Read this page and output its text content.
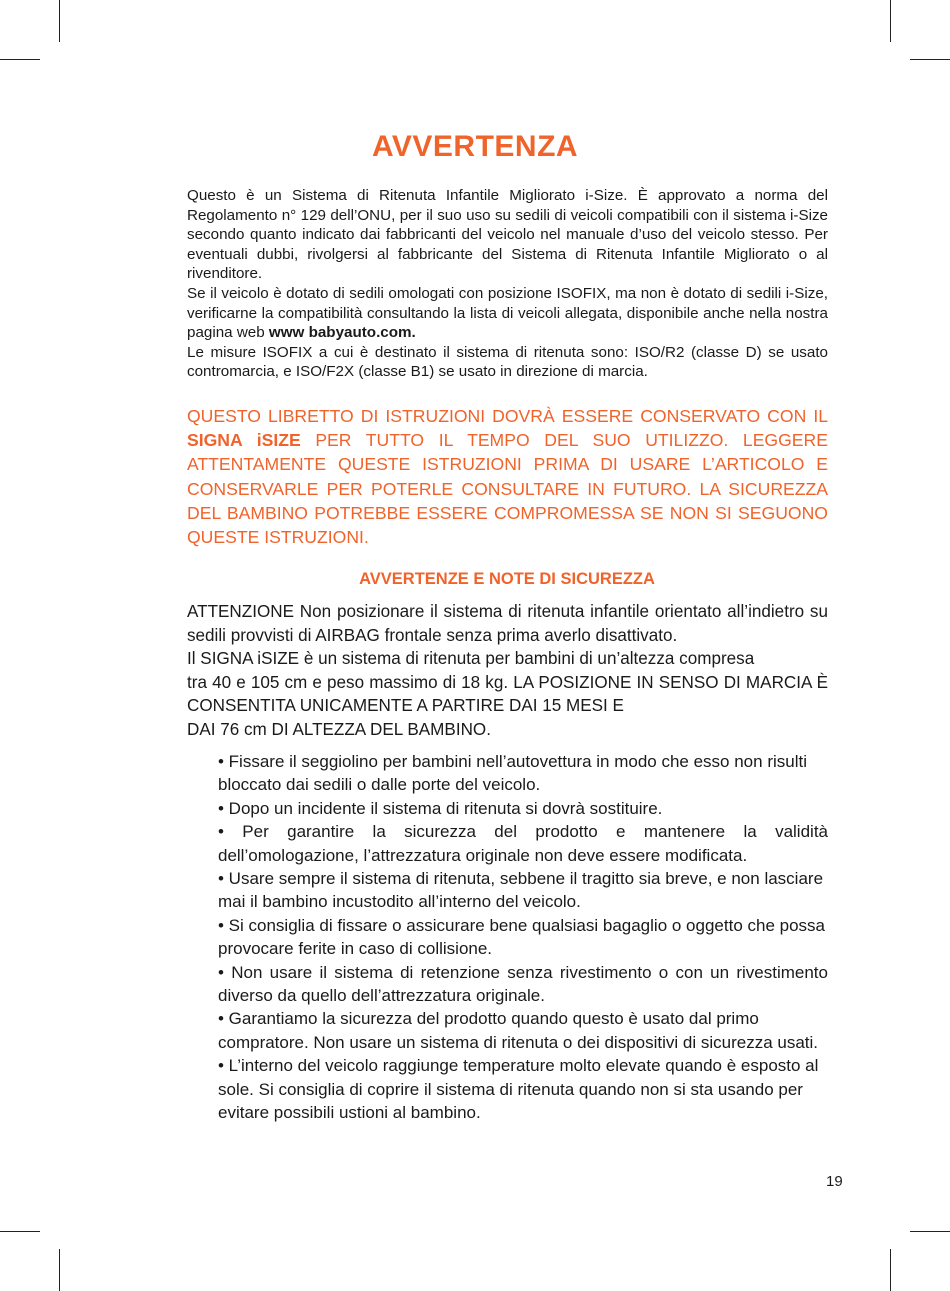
AVVERTENZA

Questo è un Sistema di Ritenuta Infantile Migliorato i-Size. È approvato a norma del Regolamento n° 129 dell’ONU, per il suo uso su sedili di veicoli compatibili con il sistema i-Size secondo quanto indicato dai fabbricanti del veicolo nel manuale d’uso del veicolo stesso. Per eventuali dubbi, rivolgersi al fabbricante del Sistema di Ritenuta Infantile Migliorato o al rivenditore.

Se il veicolo è dotato di sedili omologati con posizione ISOFIX, ma non è dotato di sedili i-Size, verificarne la compatibilità consultando la lista di veicoli allegata, disponibile anche nella nostra pagina web www babyauto.com.

Le misure ISOFIX a cui è destinato il sistema di ritenuta sono: ISO/R2 (classe D) se usato contromarcia, e ISO/F2X (classe B1) se usato in direzione di marcia.

QUESTO LIBRETTO DI ISTRUZIONI DOVRÀ ESSERE CONSERVATO CON IL SIGNA iSIZE PER TUTTO IL TEMPO DEL SUO UTILIZZO. LEGGERE ATTENTAMENTE QUESTE ISTRUZIONI PRIMA DI USARE L’ARTICOLO E CONSERVARLE PER POTERLE CONSULTARE IN FUTURO. LA SICUREZZA DEL BAMBINO POTREBBE ESSERE COMPROMESSA SE NON SI SEGUONO QUESTE ISTRUZIONI.

AVVERTENZE E NOTE DI SICUREZZA

ATTENZIONE Non posizionare il sistema di ritenuta infantile orientato all’indietro su sedili provvisti di AIRBAG frontale senza prima averlo disattivato.

Il SIGNA iSIZE è un sistema di ritenuta per bambini di un’altezza compresa

tra 40 e 105 cm e peso massimo di 18 kg. LA POSIZIONE IN SENSO DI MARCIA È CONSENTITA UNICAMENTE A PARTIRE DAI 15 MESI E

DAI 76 cm DI ALTEZZA DEL BAMBINO.

• Fissare il seggiolino per bambini nell’autovettura in modo che esso non risulti bloccato dai sedili o dalle porte del veicolo.
• Dopo un incidente il sistema di ritenuta si dovrà sostituire.
• Per garantire la sicurezza del prodotto e mantenere la validità dell’omologazione, l’attrezzatura originale non deve essere modificata.
• Usare sempre il sistema di ritenuta, sebbene il tragitto sia breve, e non lasciare mai il bambino incustodito all’interno del veicolo.
• Si consiglia di fissare o assicurare bene qualsiasi bagaglio o oggetto che possa provocare ferite in caso di collisione.
• Non usare il sistema di retenzione senza rivestimento o con un rivestimento diverso da quello dell’attrezzatura originale.
• Garantiamo la sicurezza del prodotto quando questo è usato dal primo compratore. Non usare un sistema di ritenuta o dei dispositivi di sicurezza usati.
• L’interno del veicolo raggiunge temperature molto elevate quando è esposto al sole. Si consiglia di coprire il sistema di ritenuta quando non si sta usando per evitare possibili ustioni al bambino.
19
